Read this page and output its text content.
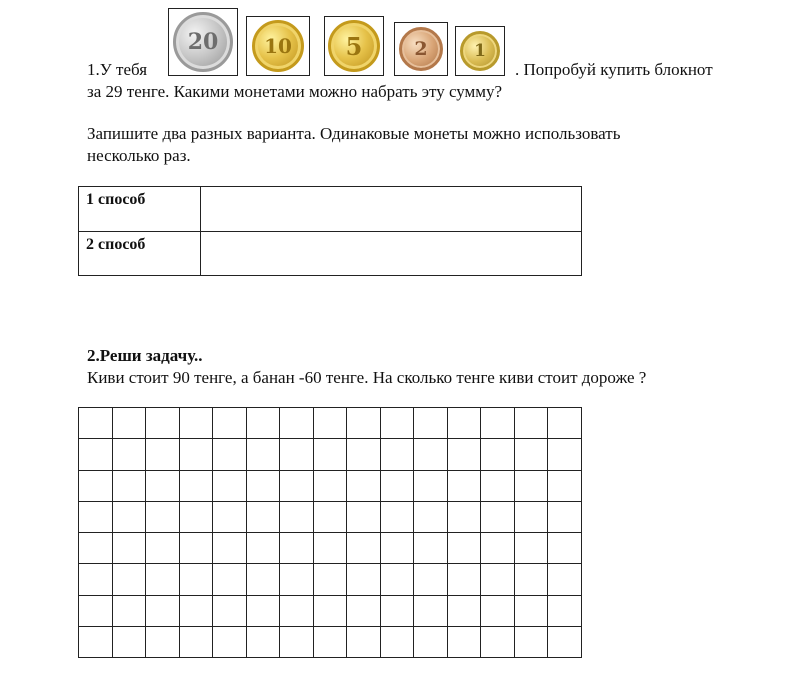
1.У тебя
20 10 5	2	1
. Попробуй купить блокнот
за 29 тенге. Какими монетами можно набрать эту сумму?
Запишите два разных варианта. Одинаковые монеты можно использовать
несколько раз.
1 способ	
2 способ	
2.Реши задачу..
Киви стоит 90 тенге, а банан -60 тенге. На сколько тенге киви стоит дороже ?
